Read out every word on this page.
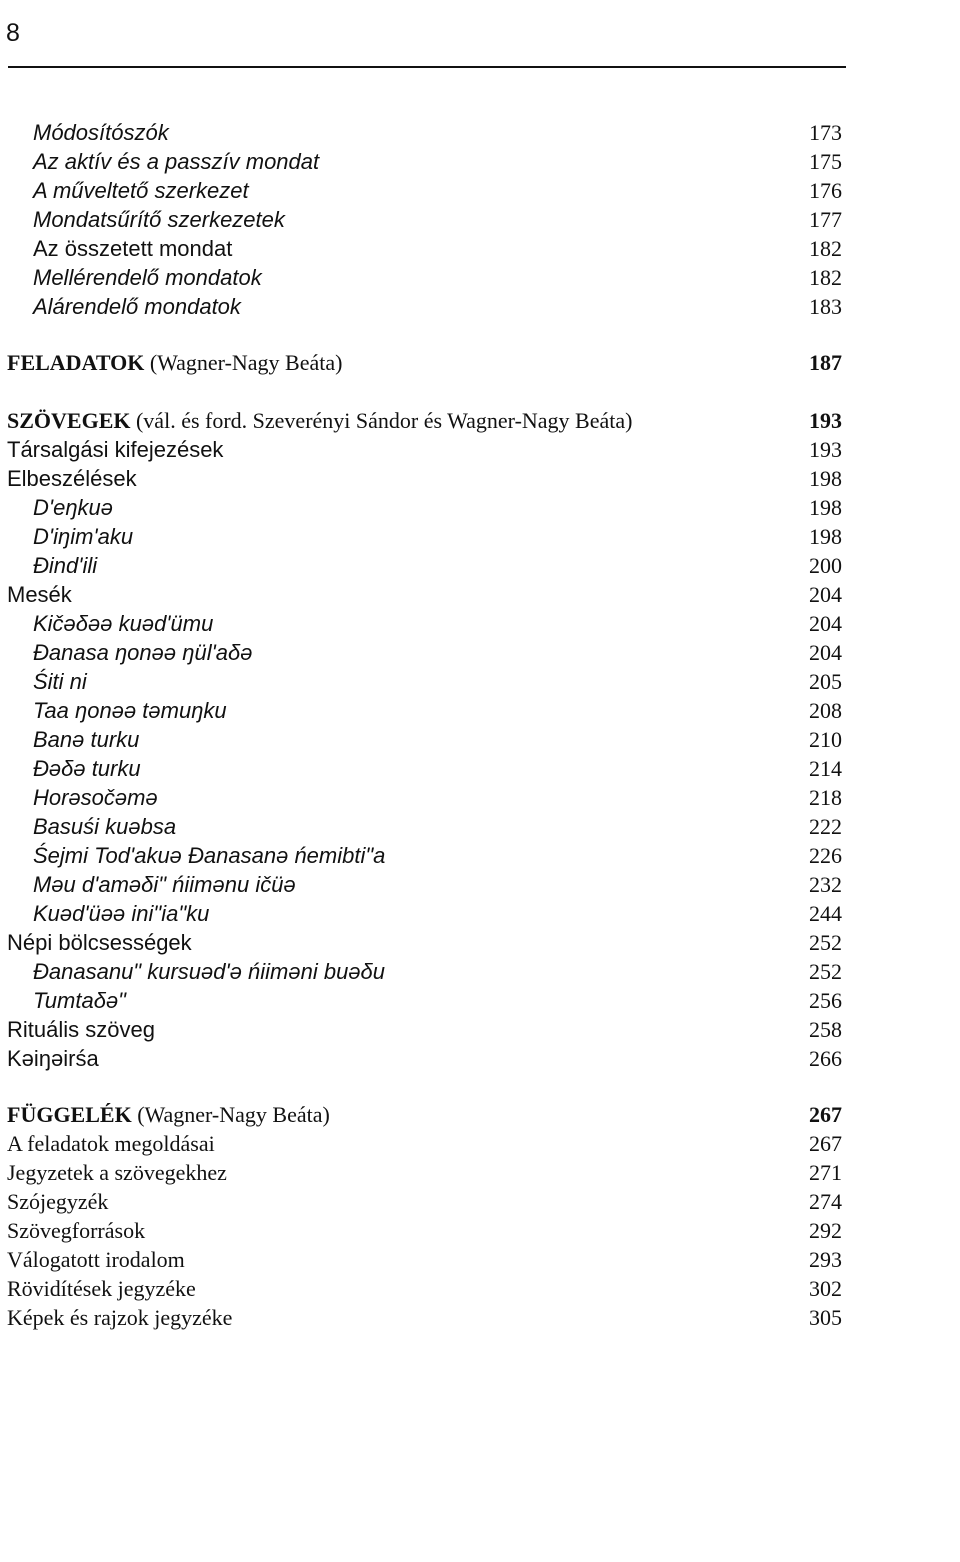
8
Módosítószók	173
Az aktív és a passzív mondat	175
A műveltető szerkezet	176
Mondatsűrítő szerkezetek	177
Az összetett mondat	182
Mellérendelő mondatok	182
Alárendelő mondatok	183
FELADATOK (Wagner-Nagy Beáta)	187
SZÖVEGEK (vál. és ford. Szeverényi Sándor és Wagner-Nagy Beáta)	193
Társalgási kifejezések	193
Elbeszélések	198
D'eŋkuə	198
D'iŋim'aku	198
Đind'ili	200
Mesék	204
Kičəδəə kuəd'ümu	204
Đanasa ŋonəə ŋül'aδə	204
Śiti ni	205
Taa ŋonəə təmuŋku	208
Banə turku	210
Đəδə turku	214
Horəsočəmə	218
Basuśi kuəbsa	222
Śejmi Tod'akuə Đanasanə ńemibti"a	226
Məu d'aməδi" ńiimənu ičüə	232
Kuəd'üəə ini"ia"ku	244
Népi bölcsességek	252
Đanasanu" kursuəd'ə ńiiməni buəδu	252
Tumtaδə"	256
Rituális szöveg	258
Kəiŋəirśa	266
FÜGGELÉK (Wagner-Nagy Beáta)	267
A feladatok megoldásai	267
Jegyzetek a szövegekhez	271
Szójegyzék	274
Szövegforrások	292
Válogatott irodalom	293
Rövidítések jegyzéke	302
Képek és rajzok jegyzéke	305
